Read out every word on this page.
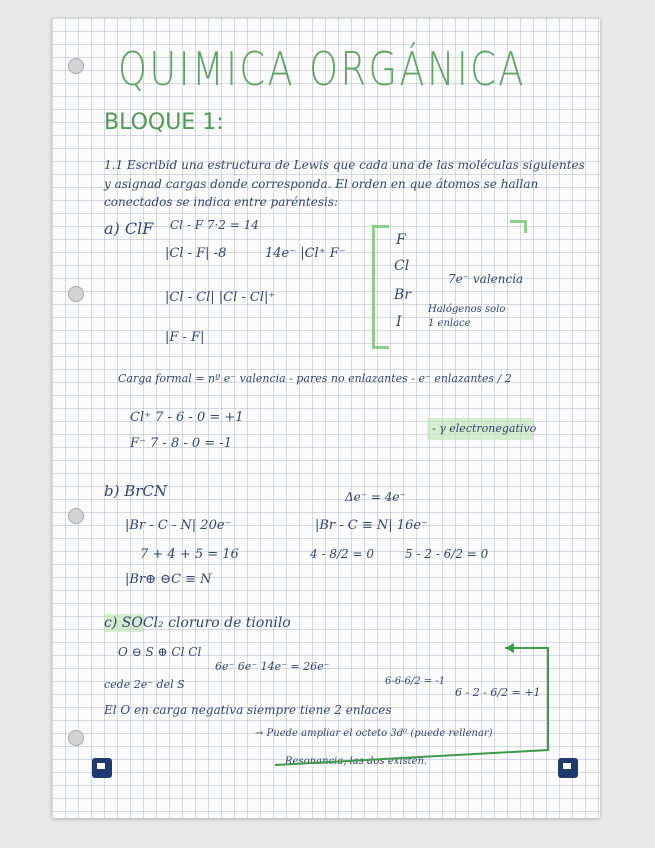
QUIMICA ORGÁNICA
BLOQUE 1:
1.1 Escribid una estructura de Lewis que cada una de las moléculas siguientes
y asignad cargas donde corresponda. El orden en que átomos se hallan
conectados se indica entre paréntesis:
a) ClF Cl - F 7·2 = 14
|Cl - F| -8	14e⁻ |Cl⁺ F⁻
|Cl - Cl| |Cl - Cl|⁺
|F - F|
F
Cl
Br
I
7e⁻ valencia
Halógenos solo
1 enlace
Carga formal = nº e⁻ valencia - pares no enlazantes - e⁻ enlazantes / 2
Cl⁺ 7 - 6 - 0 = +1
F⁻ 7 - 8 - 0 = -1
- γ electronegativo
b) BrCN
|Br - C - N| 20e⁻
7 + 4 + 5 = 16
|Br⊕ ⊖C ≡ N
Δe⁻ = 4e⁻
|Br - C ≡ N| 16e⁻
4 - 8/2 = 0	5 - 2 - 6/2 = 0
c) SOCl₂ cloruro de tionilo
O ⊖ S ⊕ Cl Cl
6e⁻ 6e⁻ 14e⁻ = 26e⁻
cede 2e⁻ del S	6-6-6/2 = -1
6 - 2 - 6/2 = +1
El O en carga negativa siempre tiene 2 enlaces
→ Puede ampliar el octeto 3d⁰ (puede rellenar)
Resonancia, las dos existen.
